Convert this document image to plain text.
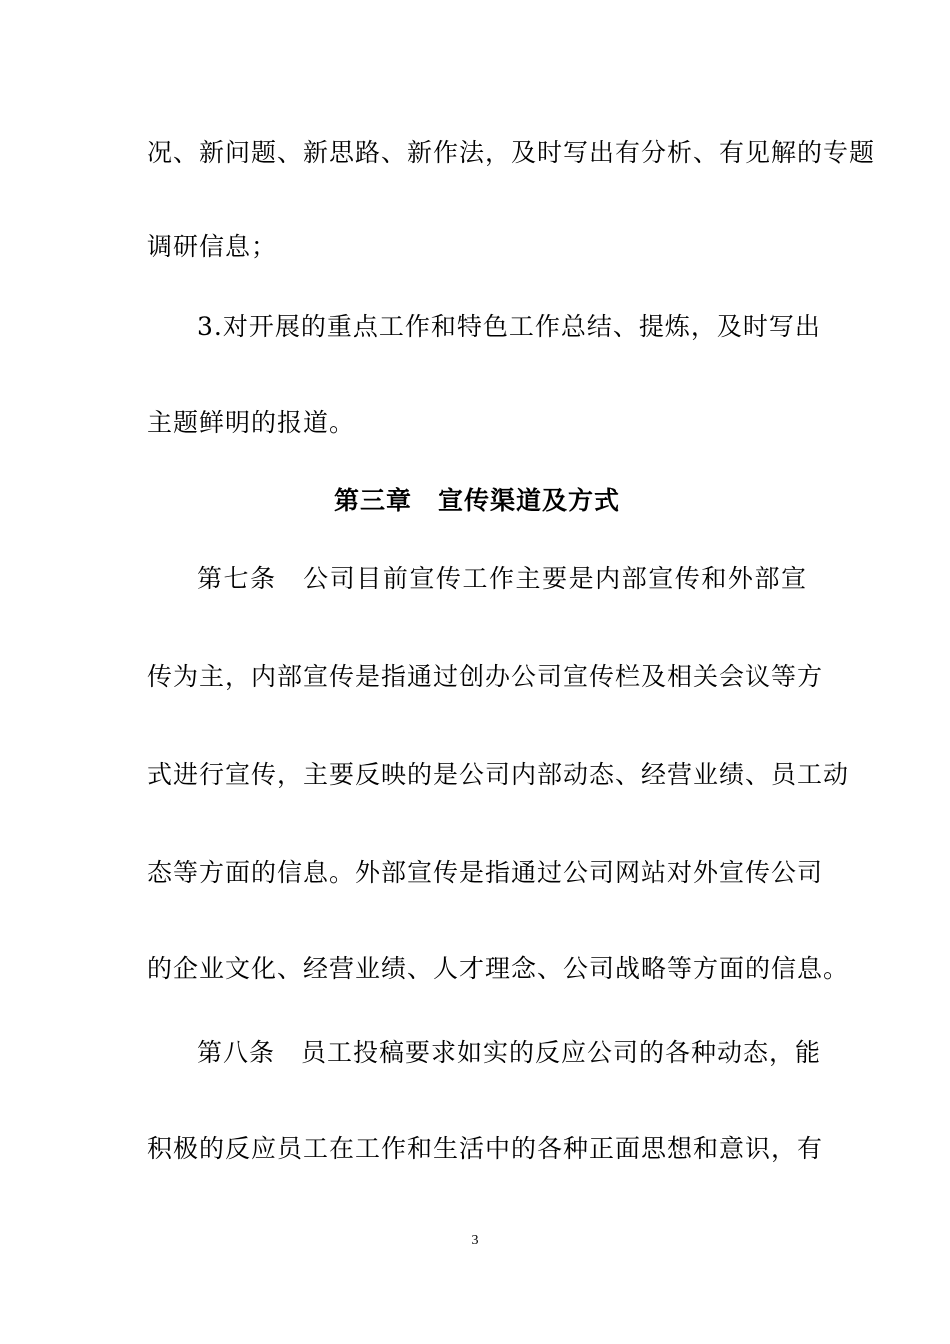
况、新问题、新思路、新作法，及时写出有分析、有见解的专题
调研信息；
3.对开展的重点工作和特色工作总结、提炼，及时写出
主题鲜明的报道。
第三章　宣传渠道及方式
第七条　公司目前宣传工作主要是内部宣传和外部宣
传为主，内部宣传是指通过创办公司宣传栏及相关会议等方
式进行宣传，主要反映的是公司内部动态、经营业绩、员工动
态等方面的信息。外部宣传是指通过公司网站对外宣传公司
的企业文化、经营业绩、人才理念、公司战略等方面的信息。
第八条　员工投稿要求如实的反应公司的各种动态，能
积极的反应员工在工作和生活中的各种正面思想和意识，有
3
